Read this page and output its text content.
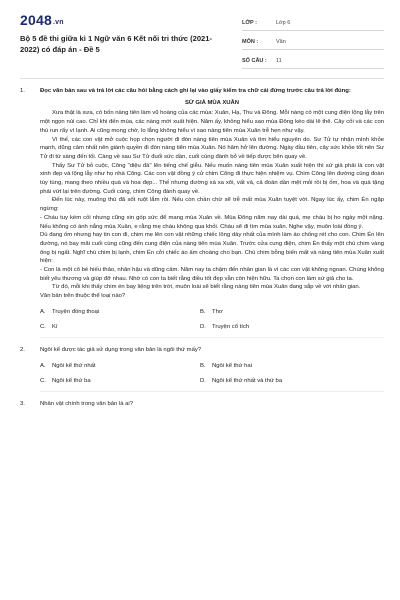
2048.vn
Bộ 5 đề thi giữa kì 1 Ngữ văn 6 Kết nối tri thức (2021-2022) có đáp án - Đề 5
LỚP :	Lớp 6
MÔN :	Văn
SỐ CÂU :	11
1.	Đọc văn bản sau và trả lời các câu hỏi bằng cách ghi lại vào giấy kiểm tra chữ cái đứng trước câu trả lời đúng:
SỨ GIẢ MÙA XUÂN

Xưa thật là xưa, có bốn nàng tiên làm vũ hoàng của các mùa: Xuân, Hạ, Thu và Đông. Mỗi nàng có một cung điện lộng lẫy trên một ngọn núi cao. Chỉ khi đến mùa, các nàng mới xuất hiện. Năm ấy, không hiểu sao mùa Đông kéo dài lê thê. Cây cối và các con thú run rẩy vì lạnh. Ai cũng mong chờ, lo lắng không hiểu vì sao nàng tiên mùa Xuân trễ hẹn như vậy.

Vì thế, các con vật mở cuộc họp chọn người đi đón nàng tiên mùa Xuân và tìm hiểu nguyên do. Sư Tử tự nhận mình khỏe mạnh, dũng cảm nhất nên giành quyền đi đón nàng tiên mùa Xuân. Nó hăm hở lên đường. Ngày đầu tiên, cây sức khỏe tốt nên Sư Tử đi từ sáng đến tối. Càng về sau Sư Tử đuối sức dần, cuối cùng đành bỏ về tiếp được bên quay về.

Thấy Sư Tử bỏ cuộc, Công "diệu đà" lên tiếng chế giễu. Nếu muốn nàng tiên mùa Xuân xuất hiện thì sứ giả phải là con vật xinh đẹp và lộng lẫy như họ nhà Công. Các con vật đồng ý cử chim Công đi thực hiện nhiệm vụ. Chim Công lên đường cùng đoàn tùy tùng, mang theo nhiều quà và hoa đẹp... Thế nhưng đường xá xa xôi, vất vả, cả đoàn dần mệt mỏi rồi bị ốm, hoa và quà tặng phải vứt lại trên đường. Cuối cùng, chim Công đành quay về.

Đến lúc này, muông thú đã sốt ruột lắm rồi. Nếu còn chần chừ sẽ trễ mất mùa Xuân tuyệt vời. Ngay lúc ấy, chim Én ngập ngừng:

- Cháu tuy kém cỏi nhưng cũng xin góp sức để mang mùa Xuân về. Mùa Đông năm nay dài quá, mẹ cháu bị ho ngày một nặng. Nếu không có ánh nắng mùa Xuân, e rằng mẹ cháu không qua khỏi. Cháu sẽ đi tìm mùa xuân. Nghe vậy, muôn loài đồng ý.

Dù đang ốm nhưng hay tin con đi, chim mẹ lên con vật những chiếc lông dày nhất của mình làm áo chống rét cho con. Chim Én lên đường, nó bay mãi cuối cùng cũng đến cung điện của nàng tiên mùa Xuân. Trước cửa cung điện, chim Én thấy một chú chim vàng ông bị ngất. Nghĩ chú chim bị lạnh, chim Én cởi chiếc áo ấm choàng cho bạn. Chú chim bỗng biến mất và nàng tiên mùa Xuân xuất hiện:

- Con là một cô bé hiếu thảo, nhân hậu và dũng cảm. Năm nay ta chậm đến nhân gian là vì các con vật không ngoan. Chúng không biết yêu thương và giúp đỡ nhau. Nhờ có con ta biết rằng điều tốt đẹp vẫn còn hiện hữu. Ta chọn con làm sứ giả cho ta.

Từ đó, mỗi khi thấy chim én bay liệng trên trời, muôn loài sẽ biết rằng nàng tiên mùa Xuân đang sắp về với nhân gian.

Văn bản trên thuộc thể loại nào?

A.	Truyện đồng thoại	B.	Thơ
C.	Kí	D.	Truyện cổ tích
2.	Ngôi kể được tác giả sử dụng trong văn bản là ngôi thứ mấy?
A.	Ngôi kể thứ nhất	B.	Ngôi kể thứ hai
C.	Ngôi kể thứ ba	D.	Ngôi kể thứ nhất và thứ ba
3.	Nhân vật chính trong văn bản là ai?
